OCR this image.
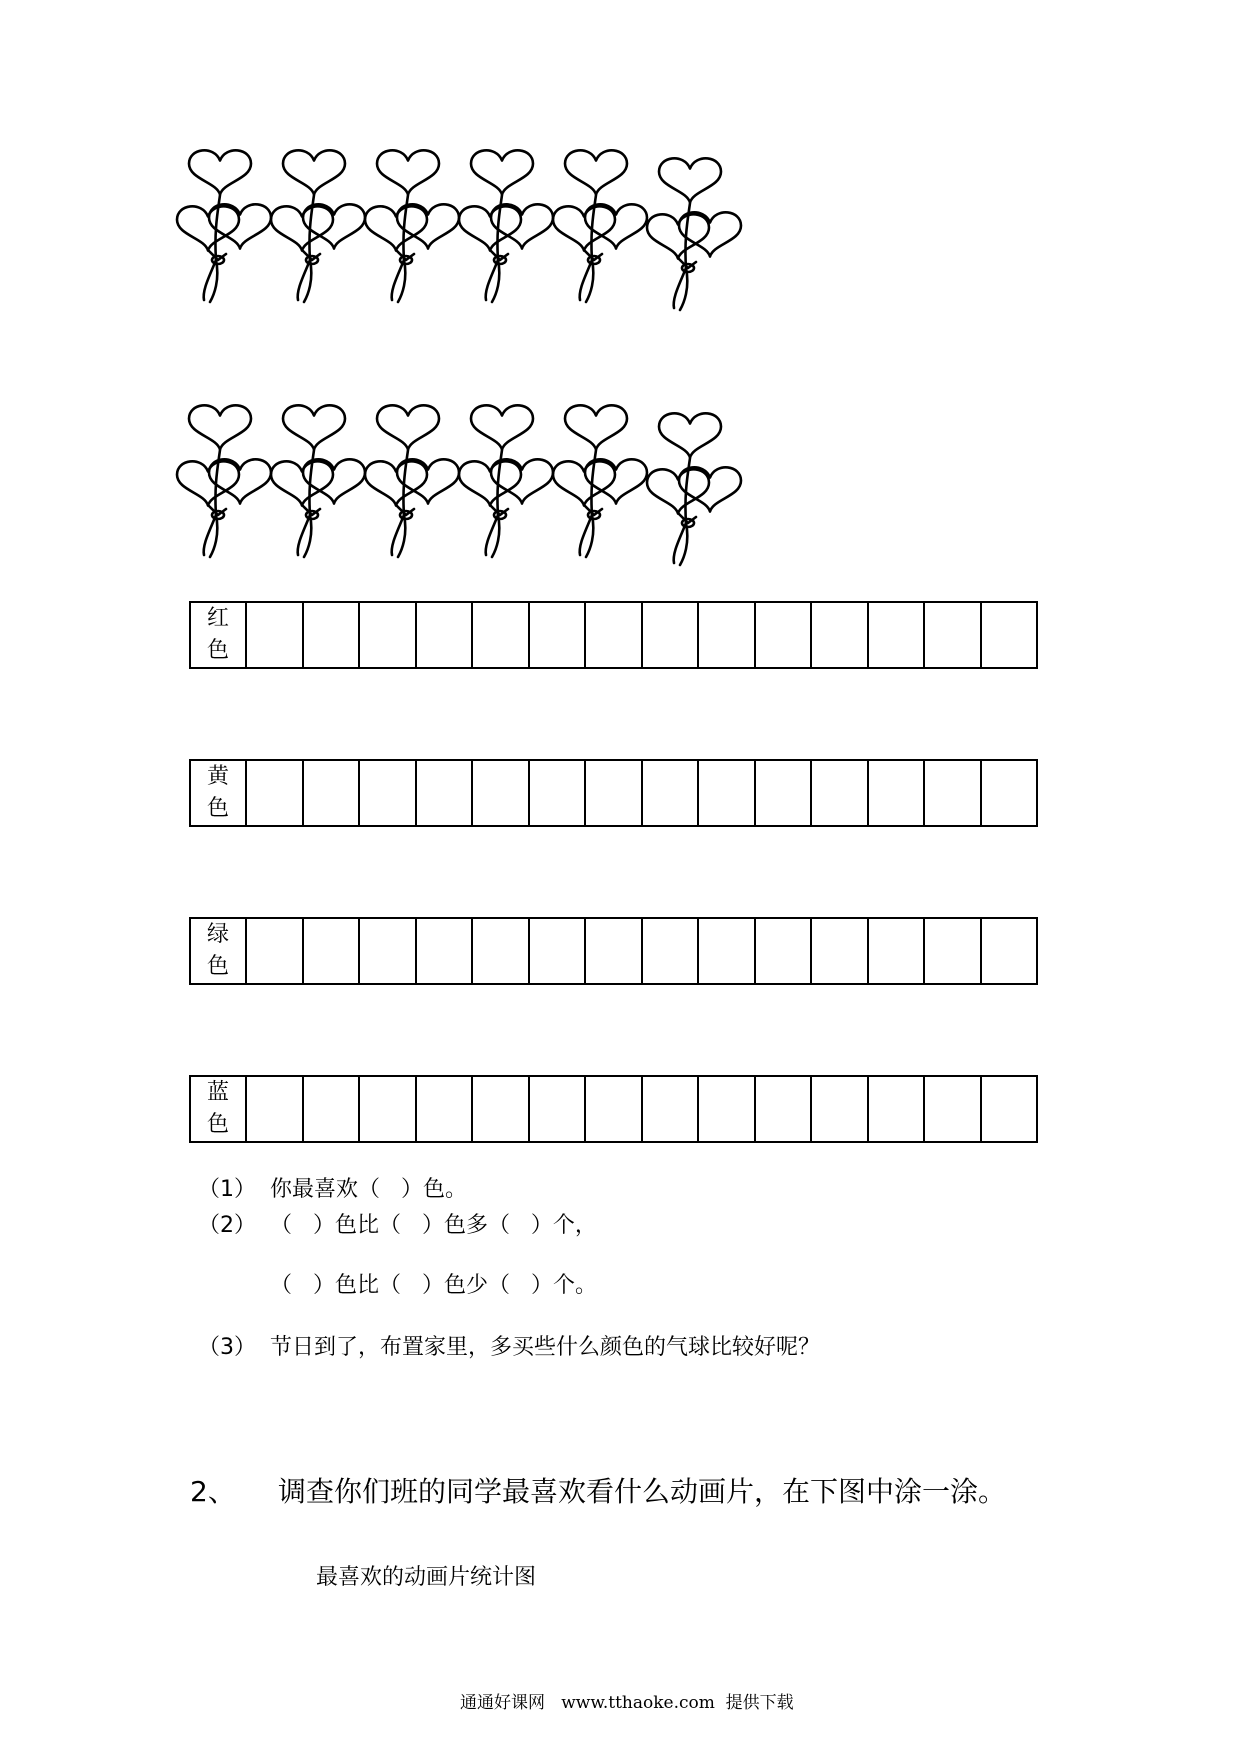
红
色

黄
色

绿
色

蓝
色

（1）  你最喜欢（   ）色。
（2）  （   ）色比（   ）色多（   ）个，
（   ）色比（   ）色少（   ）个。
（3）  节日到了，布置家里，多买些什么颜色的气球比较好呢？
2、 调查你们班的同学最喜欢看什么动画片，在下图中涂一涂。
最喜欢的动画片统计图
通通好课网   www.tthaoke.com  提供下载
